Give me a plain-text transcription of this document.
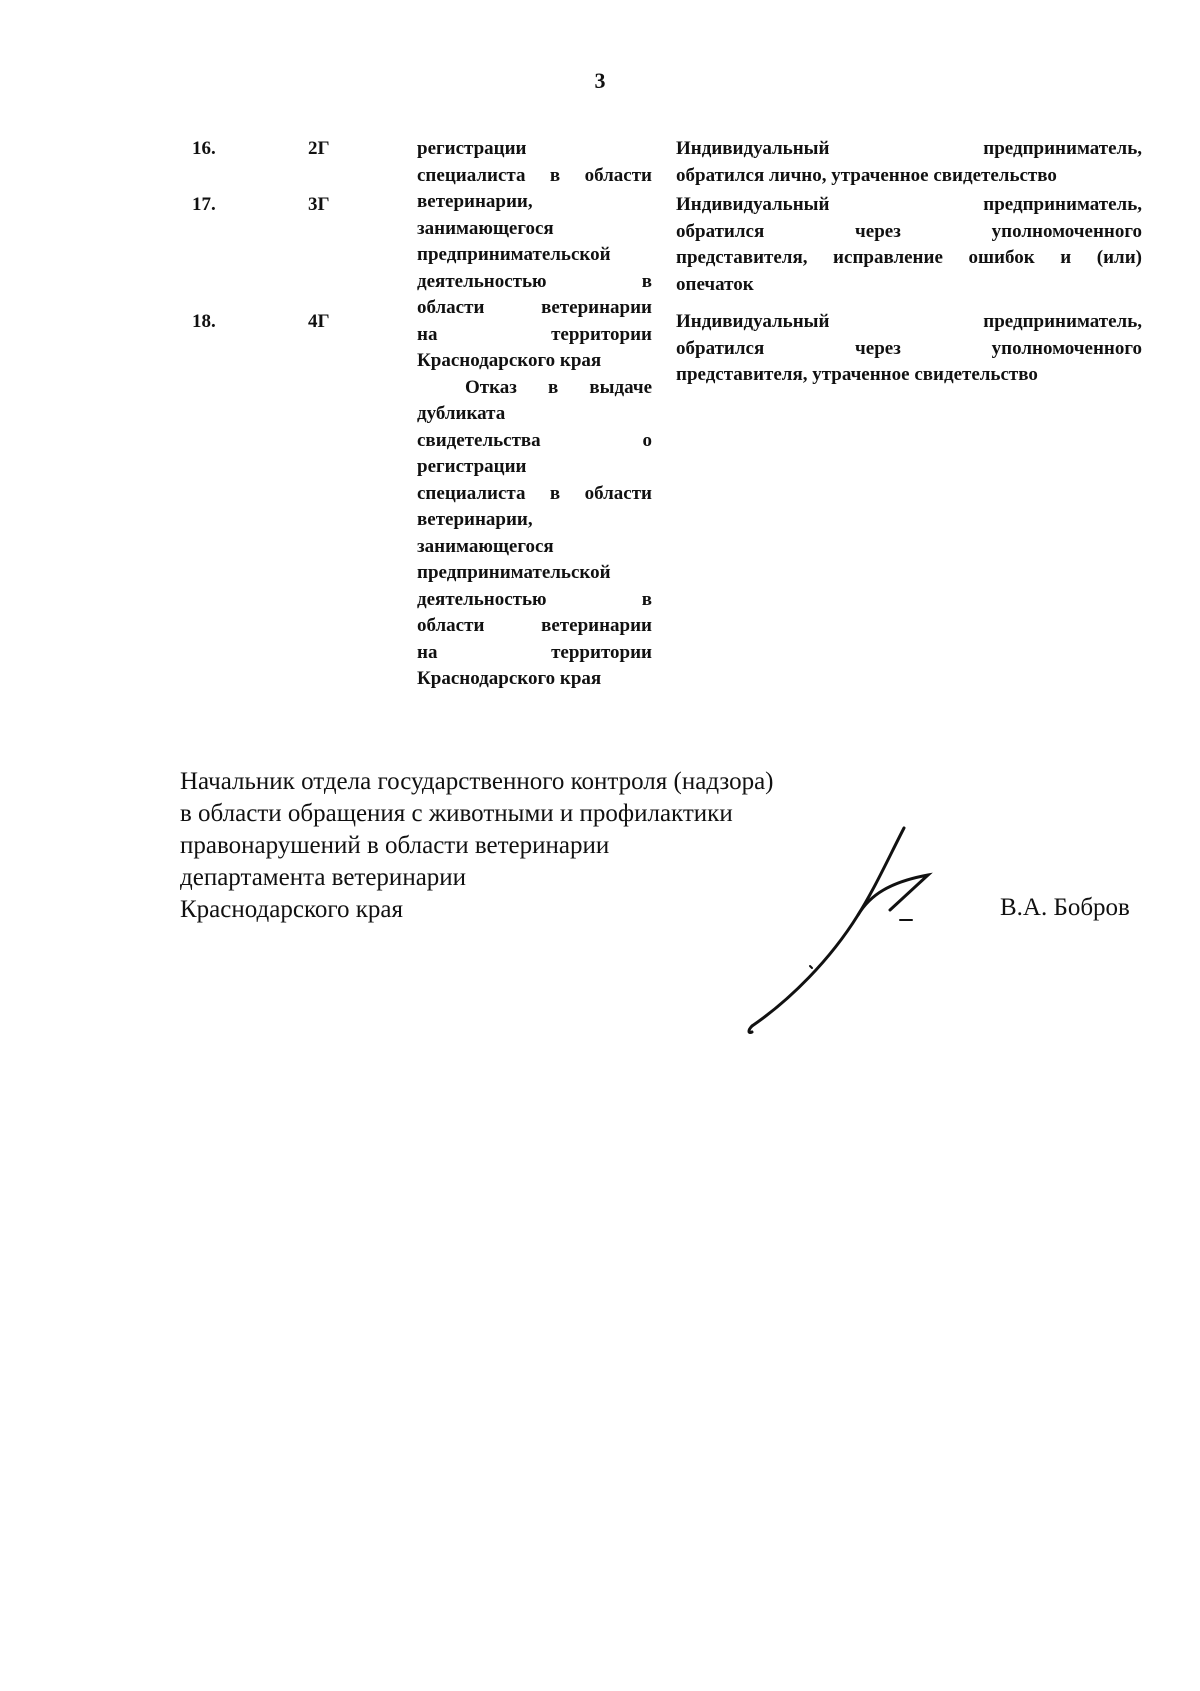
3
16.
17.
18.
2Г
3Г
4Г
регистрации
специалиста в области
ветеринарии,
занимающегося
предпринимательской
деятельностью в
области ветеринарии
на территории
Краснодарского края
Отказ в выдаче
дубликата
свидетельства о
регистрации
специалиста в области
ветеринарии,
занимающегося
предпринимательской
деятельностью в
области ветеринарии
на территории
Краснодарского края
Индивидуальный предприниматель,
обратился лично, утраченное свидетельство
Индивидуальный предприниматель,
обратился через уполномоченного
представителя, исправление ошибок и (или)
опечаток
Индивидуальный предприниматель,
обратился через уполномоченного
представителя, утраченное свидетельство
Начальник отдела государственного контроля (надзора)
в области обращения с животными и профилактики
правонарушений в области ветеринарии
департамента ветеринарии
Краснодарского края	В.А. Бобров
